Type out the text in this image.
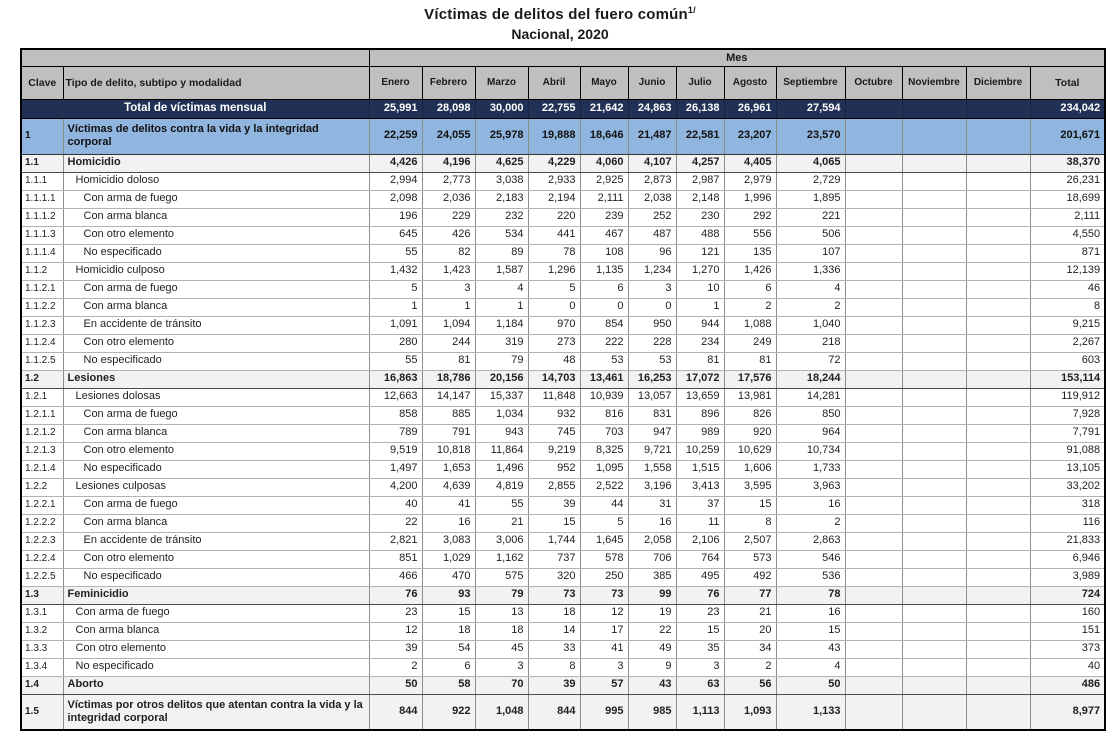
Víctimas de delitos del fuero común$^{1/}$
Nacional, 2020
		Mes												
Clave	Tipo de delito, subtipo y modalidad	Enero	Febrero	Marzo	Abril	Mayo	Junio	Julio	Agosto	Septiembre	Octubre	Noviembre	Diciembre	Total
Total de víctimas mensual		25,991	28,098	30,000	22,755	21,642	24,863	26,138	26,961	27,594				234,042
1	Víctimas de delitos contra la vida y la integridad corporal	22,259	24,055	25,978	19,888	18,646	21,487	22,581	23,207	23,570				201,671
1.1	Homicidio	4,426	4,196	4,625	4,229	4,060	4,107	4,257	4,405	4,065				38,370
1.1.1	Homicidio doloso	2,994	2,773	3,038	2,933	2,925	2,873	2,987	2,979	2,729				26,231
1.1.1.1	Con arma de fuego	2,098	2,036	2,183	2,194	2,111	2,038	2,148	1,996	1,895				18,699
1.1.1.2	Con arma blanca	196	229	232	220	239	252	230	292	221				2,111
1.1.1.3	Con otro elemento	645	426	534	441	467	487	488	556	506				4,550
1.1.1.4	No especificado	55	82	89	78	108	96	121	135	107				871
1.1.2	Homicidio culposo	1,432	1,423	1,587	1,296	1,135	1,234	1,270	1,426	1,336				12,139
1.1.2.1	Con arma de fuego	5	3	4	5	6	3	10	6	4				46
1.1.2.2	Con arma blanca	1	1	1	0	0	0	1	2	2				8
1.1.2.3	En accidente de tránsito	1,091	1,094	1,184	970	854	950	944	1,088	1,040				9,215
1.1.2.4	Con otro elemento	280	244	319	273	222	228	234	249	218				2,267
1.1.2.5	No especificado	55	81	79	48	53	53	81	81	72				603
1.2	Lesiones	16,863	18,786	20,156	14,703	13,461	16,253	17,072	17,576	18,244				153,114
1.2.1	Lesiones dolosas	12,663	14,147	15,337	11,848	10,939	13,057	13,659	13,981	14,281				119,912
1.2.1.1	Con arma de fuego	858	885	1,034	932	816	831	896	826	850				7,928
1.2.1.2	Con arma blanca	789	791	943	745	703	947	989	920	964				7,791
1.2.1.3	Con otro elemento	9,519	10,818	11,864	9,219	8,325	9,721	10,259	10,629	10,734				91,088
1.2.1.4	No especificado	1,497	1,653	1,496	952	1,095	1,558	1,515	1,606	1,733				13,105
1.2.2	Lesiones culposas	4,200	4,639	4,819	2,855	2,522	3,196	3,413	3,595	3,963				33,202
1.2.2.1	Con arma de fuego	40	41	55	39	44	31	37	15	16				318
1.2.2.2	Con arma blanca	22	16	21	15	5	16	11	8	2				116
1.2.2.3	En accidente de tránsito	2,821	3,083	3,006	1,744	1,645	2,058	2,106	2,507	2,863				21,833
1.2.2.4	Con otro elemento	851	1,029	1,162	737	578	706	764	573	546				6,946
1.2.2.5	No especificado	466	470	575	320	250	385	495	492	536				3,989
1.3	Feminicidio	76	93	79	73	73	99	76	77	78				724
1.3.1	Con arma de fuego	23	15	13	18	12	19	23	21	16				160
1.3.2	Con arma blanca	12	18	18	14	17	22	15	20	15				151
1.3.3	Con otro elemento	39	54	45	33	41	49	35	34	43				373
1.3.4	No especificado	2	6	3	8	3	9	3	2	4				40
1.4	Aborto	50	58	70	39	57	43	63	56	50				486
1.5	Víctimas por otros delitos que atentan contra la vida y la integridad corporal	844	922	1,048	844	995	985	1,113	1,093	1,133				8,977
